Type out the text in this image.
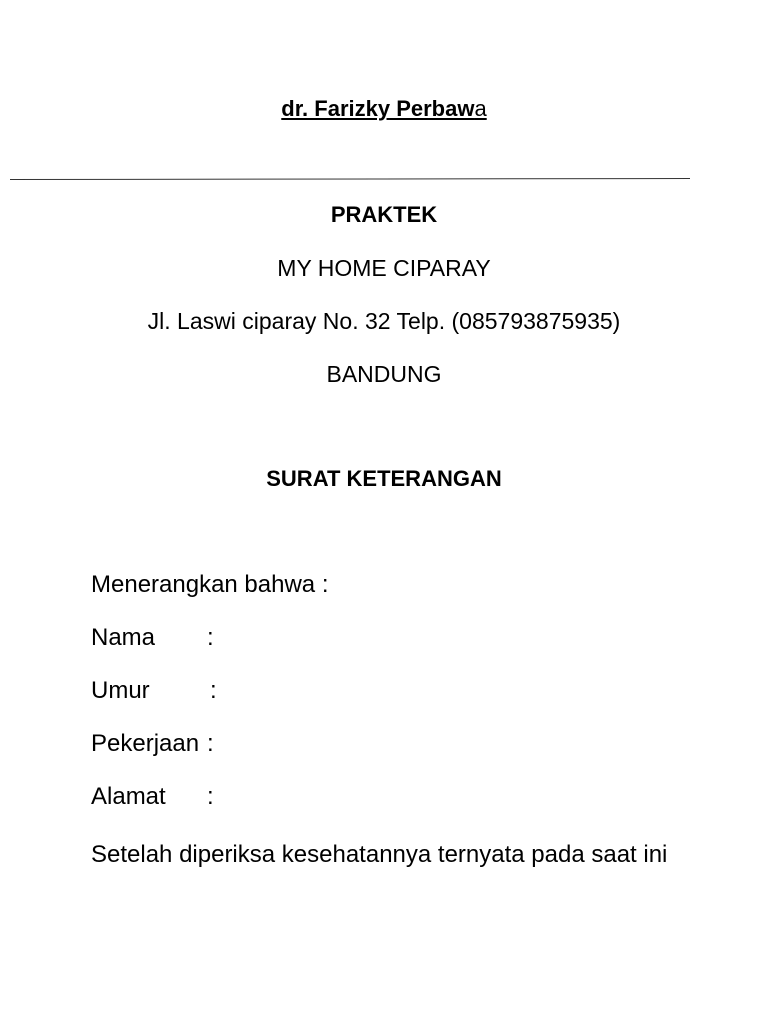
dr. Farizky Perbawa
PRAKTEK
MY HOME CIPARAY
Jl. Laswi ciparay No. 32 Telp. (085793875935)
BANDUNG
SURAT KETERANGAN
Menerangkan bahwa :
Nama :
Umur	:
Pekerjaan :
Alamat :
Setelah diperiksa kesehatannya ternyata pada saat ini
